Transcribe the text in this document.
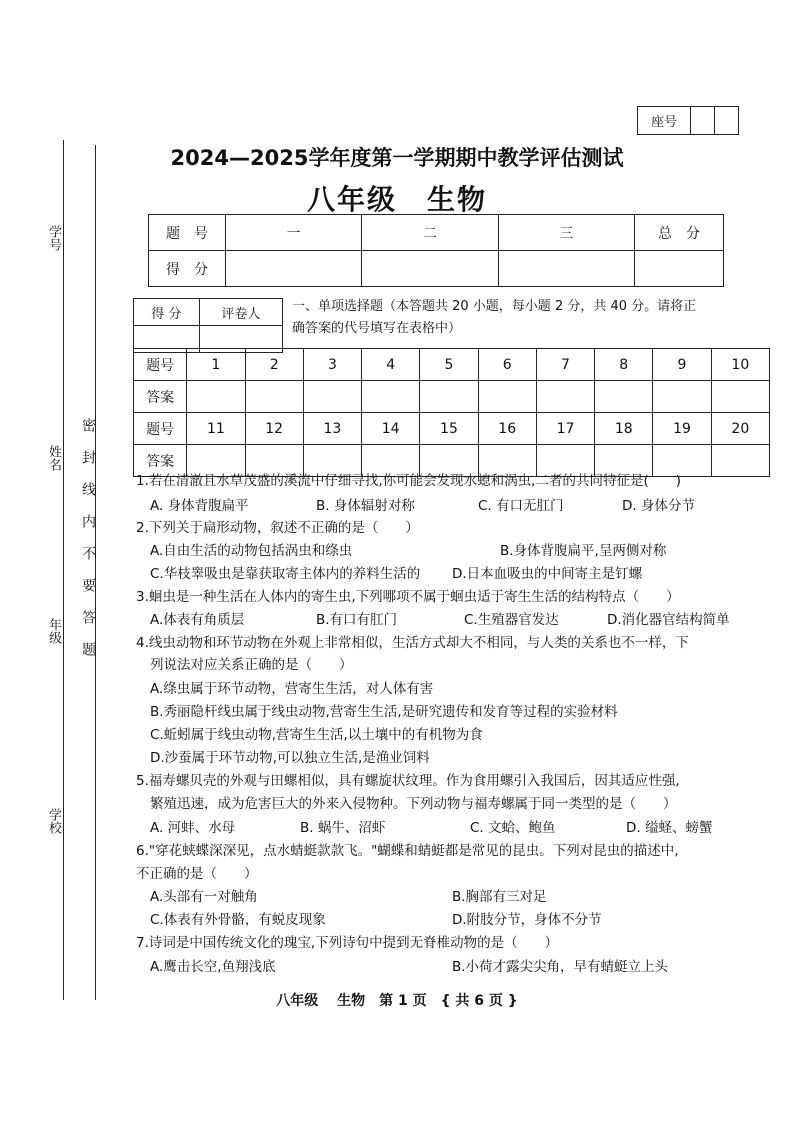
学号
姓名
年级
学校
密　封　线　内　不　要　答　题
座号
2024—2025学年度第一学期期中教学评估测试
八年级　生物
题　号	一	二	三	总　分
得　分				
得 分	评卷人
	一、单项选择题（本答题共 20 小题，每小题 2 分，共 40 分。请将正
确答案的代号填写在表格中）
题号	1	2	3	4	5	6	7	8	9	10
答案										
题号	11	12	13	14	15	16	17	18	19	20
答案										
1.若在清澈且水草茂盛的溪流中仔细寻找,你可能会发现水螅和涡虫,二者的共同特征是(　　)
A. 身体背腹扁平	B. 身体辐射对称	C. 有口无肛门	D. 身体分节
2.下列关于扁形动物，叙述不正确的是（　　）
A.自由生活的动物包括涡虫和绦虫	B.身体背腹扁平,呈两侧对称
C.华枝睾吸虫是靠获取寄主体内的养料生活的 D.日本血吸虫的中间寄主是钉螺
3.蛔虫是一种生活在人体内的寄生虫,下列哪项不属于蛔虫适于寄生生活的结构特点（　　）
A.体表有角质层	B.有口有肛门	C.生殖器官发达	D.消化器官结构简单
4.线虫动物和环节动物在外观上非常相似，生活方式却大不相同，与人类的关系也不一样，下
列说法对应关系正确的是（　　）
A.绦虫属于环节动物，营寄生生活，对人体有害
B.秀丽隐杆线虫属于线虫动物,营寄生生活,是研究遗传和发育等过程的实验材料
C.蚯蚓属于线虫动物,营寄生生活,以土壤中的有机物为食
D.沙蚕属于环节动物,可以独立生活,是渔业饲料
5.福寿螺贝壳的外观与田螺相似，具有螺旋状纹理。作为食用螺引入我国后，因其适应性强,
繁殖迅速，成为危害巨大的外来入侵物种。下列动物与福寿螺属于同一类型的是（　　）
A. 河蚌、水母	B. 蜗牛、沼虾	C. 文蛤、鲍鱼	D. 缢蛏、螃蟹
6."穿花蛱蝶深深见，点水蜻蜓款款飞。"蝴蝶和蜻蜓都是常见的昆虫。下列对昆虫的描述中,
不正确的是（　　）
A.头部有一对触角	B.胸部有三对足
C.体表有外骨骼，有蜕皮现象	D.附肢分节，身体不分节
7.诗词是中国传统文化的瑰宝,下列诗句中提到无脊椎动物的是（　　）
A.鹰击长空,鱼翔浅底	B.小荷才露尖尖角，早有蜻蜓立上头
八年级　 生物　第 1 页　{ 共 6 页 }
